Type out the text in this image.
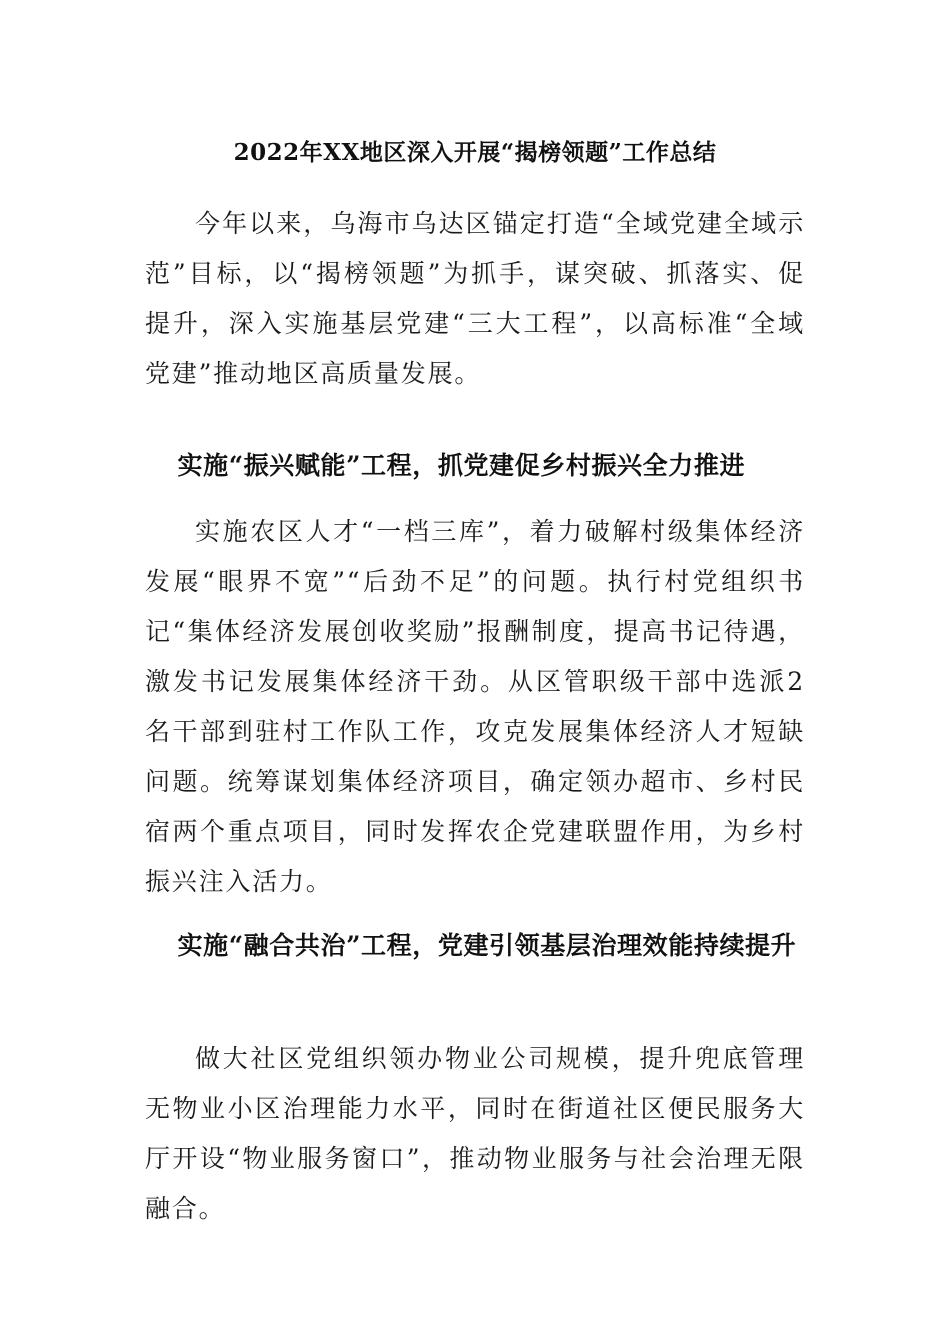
2022年XX地区深入开展“揭榜领题”工作总结

今年以来，乌海市乌达区锚定打造“全域党建全域示范”目标，以“揭榜领题”为抓手，谋突破、抓落实、促提升，深入实施基层党建“三大工程”，以高标准“全域党建”推动地区高质量发展。

实施“振兴赋能”工程，抓党建促乡村振兴全力推进

实施农区人才“一档三库”，着力破解村级集体经济发展“眼界不宽”“后劲不足”的问题。执行村党组织书记“集体经济发展创收奖励”报酬制度，提高书记待遇，激发书记发展集体经济干劲。从区管职级干部中选派2名干部到驻村工作队工作，攻克发展集体经济人才短缺问题。统筹谋划集体经济项目，确定领办超市、乡村民宿两个重点项目，同时发挥农企党建联盟作用，为乡村振兴注入活力。

实施“融合共治”工程，党建引领基层治理效能持续提升

做大社区党组织领办物业公司规模，提升兜底管理无物业小区治理能力水平，同时在街道社区便民服务大厅开设“物业服务窗口”，推动物业服务与社会治理无限融合。
